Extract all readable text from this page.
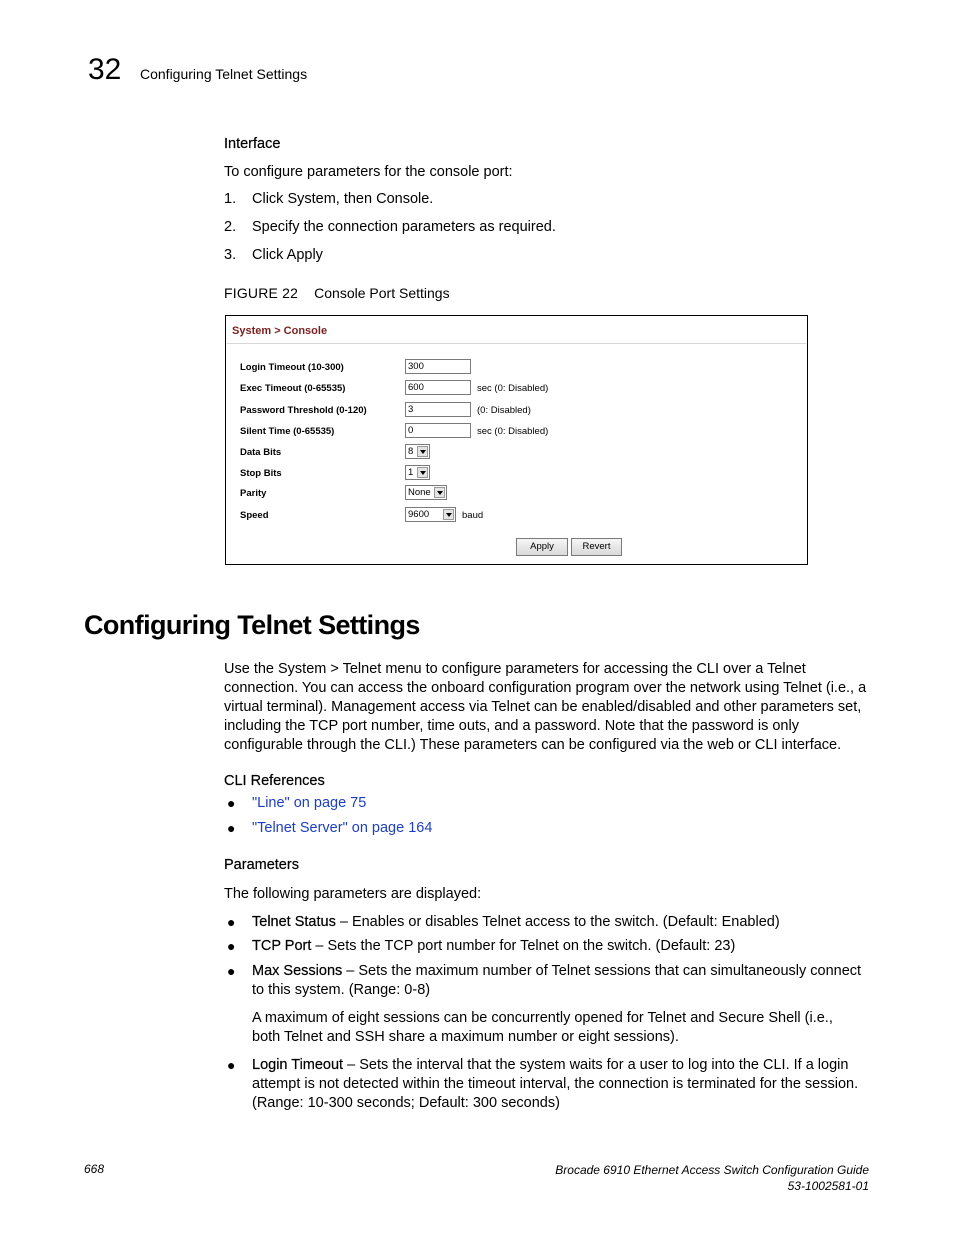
32 Configuring Telnet Settings
Interface
To configure parameters for the console port:
1. Click System, then Console.
2. Specify the connection parameters as required.
3. Click Apply
FIGURE 22 Console Port Settings
System > Console
Login Timeout (10-300)	300
Exec Timeout (0-65535)	600	sec (0: Disabled)
Password Threshold (0-120)	3	(0: Disabled)
Silent Time (0-65535)	0	sec (0: Disabled)
Data Bits	8
Stop Bits	1
Parity	None
Speed	9600	baud
Apply	Revert
Configuring Telnet Settings
Use the System > Telnet menu to configure parameters for accessing the CLI over a Telnet connection. You can access the onboard configuration program over the network using Telnet (i.e., a virtual terminal). Management access via Telnet can be enabled/disabled and other parameters set, including the TCP port number, time outs, and a password. Note that the password is only configurable through the CLI.) These parameters can be configured via the web or CLI interface.
CLI References
● "Line" on page 75
● "Telnet Server" on page 164
Parameters
The following parameters are displayed:
● Telnet Status – Enables or disables Telnet access to the switch. (Default: Enabled)
● TCP Port – Sets the TCP port number for Telnet on the switch. (Default: 23)
● Max Sessions – Sets the maximum number of Telnet sessions that can simultaneously connect to this system. (Range: 0-8)
A maximum of eight sessions can be concurrently opened for Telnet and Secure Shell (i.e., both Telnet and SSH share a maximum number or eight sessions).
● Login Timeout – Sets the interval that the system waits for a user to log into the CLI. If a login attempt is not detected within the timeout interval, the connection is terminated for the session. (Range: 10-300 seconds; Default: 300 seconds)
668	Brocade 6910 Ethernet Access Switch Configuration Guide
53-1002581-01
